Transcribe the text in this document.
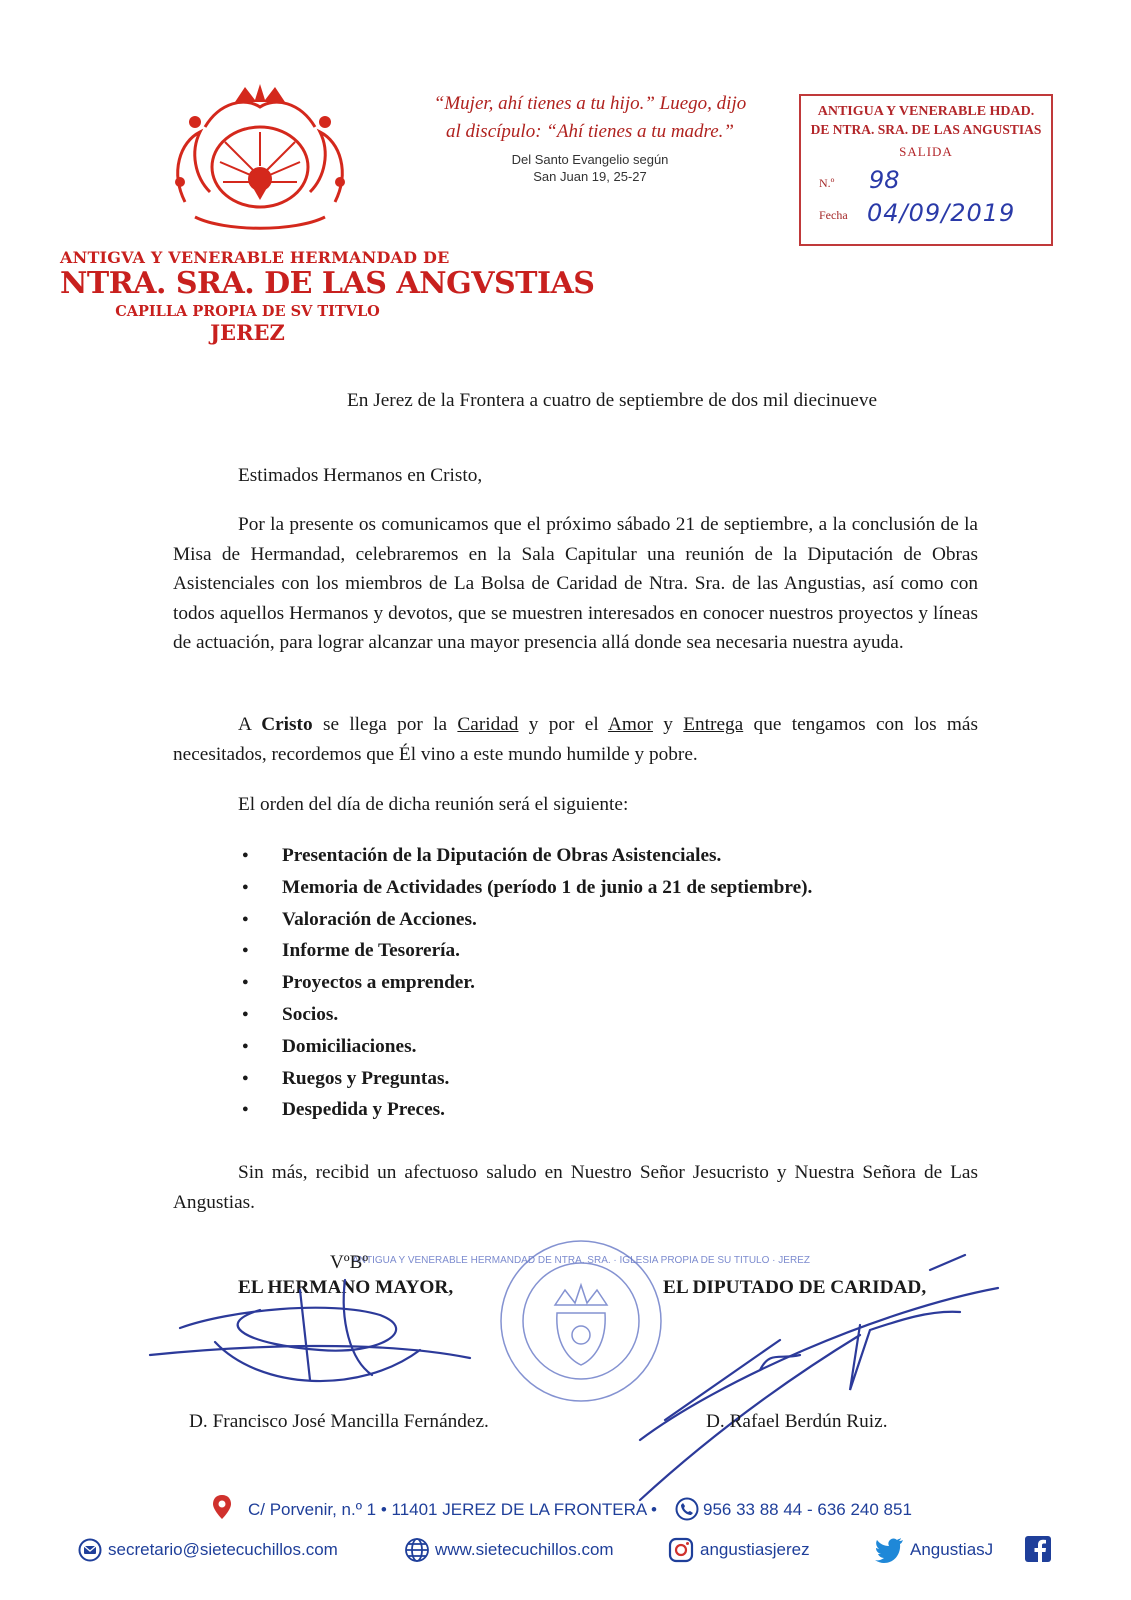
ANTIGVA Y VENERABLE HERMANDAD DE
NTRA. SRA. DE LAS ANGVSTIAS
CAPILLA PROPIA DE SV TITVLO
JEREZ
“Mujer, ahí tienes a tu hijo.” Luego, dijo
al discípulo: “Ahí tienes a tu madre.”
Del Santo Evangelio según
San Juan 19, 25-27
ANTIGUA Y VENERABLE HDAD.
DE NTRA. SRA. DE LAS ANGUSTIAS
SALIDA
N.º 98
Fecha 04/09/2019
En Jerez de la Frontera a cuatro de septiembre de dos mil diecinueve
Estimados Hermanos en Cristo,

Por la presente os comunicamos que el próximo sábado 21 de septiembre, a la conclusión de la Misa de Hermandad, celebraremos en la Sala Capitular una reunión de la Diputación de Obras Asistenciales con los miembros de La Bolsa de Caridad de Ntra. Sra. de las Angustias, así como con todos aquellos Hermanos y devotos, que se muestren interesados en conocer nuestros proyectos y líneas de actuación, para lograr alcanzar una mayor presencia allá donde sea necesaria nuestra ayuda.

A Cristo se llega por la Caridad y por el Amor y Entrega que tengamos con los más necesitados, recordemos que Él vino a este mundo humilde y pobre.

El orden del día de dicha reunión será el siguiente:
● Presentación de la Diputación de Obras Asistenciales.
● Memoria de Actividades (período 1 de junio a 21 de septiembre).
● Valoración de Acciones.
● Informe de Tesorería.
● Proyectos a emprender.
● Socios.
● Domiciliaciones.
● Ruegos y Preguntas.
● Despedida y Preces.

Sin más, recibid un afectuoso saludo en Nuestro Señor Jesucristo y Nuestra Señora de Las Angustias.

ANTIGUA Y VENERABLE HERMANDAD DE NTRA. SRA. · IGLESIA PROPIA DE SU TITULO · JEREZ
VºBº
EL HERMANO MAYOR,	EL DIPUTADO DE CARIDAD,
D. Francisco José Mancilla Fernández.	D. Rafael Berdún Ruiz.
C/ Porvenir, n.º 1 • 11401 JEREZ DE LA FRONTERA •	956 33 88 44 - 636 240 851
secretario@sietecuchillos.com	www.sietecuchillos.com	angustiasjerez	AngustiasJ
